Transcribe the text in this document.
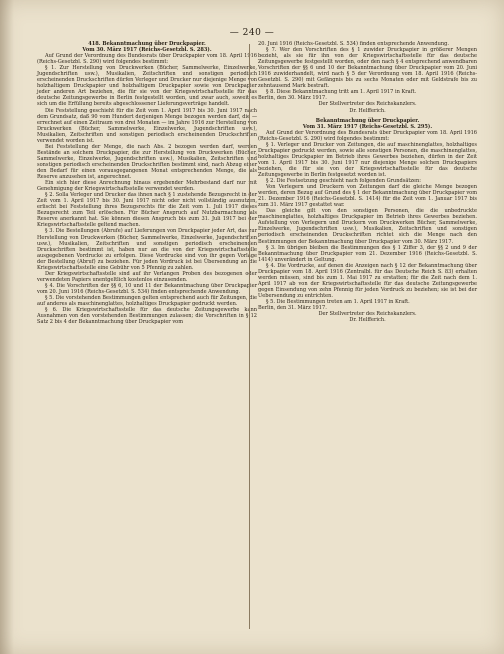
— 240 —

418. Bekanntmachung über Druckpapier.

Vom 30. März 1917 (Reichs-Gesetzbl. S. 283).

Auf Grund der Verordnung des Bundesrats über Druckpapier vom 18. April 1916 (Reichs-Gesetzbl. S. 290) wird folgendes bestimmt:

§ 1. Zur Herstellung von Druckwerken (Bücher, Sammelwerke, Einzelwerke, Jugendschriften usw.), Musikalien, Zeitschriften und sonstigen periodisch erscheinenden Druckschriften dürfen Verleger und Drucker nur diejenige Menge von holzhaltigem Druckpapier und holzhaltigem Druckpapier sowie von Druckpapier jeder anderen Art beziehen, die für sie von der Kriegswirtschaftsstelle für das deutsche Zeitungsgewerbe in Berlin festgestellt worden, und zwar auch, soweit es sich um die Erfüllung bereits abgeschlossener Lieferungsverträge handelt.

Die Feststellung geschieht für die Zeit vom 1. April 1917 bis 30. Juni 1917 nach dem Grundsatz, daß 90 vom Hundert derjenigen Menge bezogen werden darf, die — errechnet auf einen Zeitraum von drei Monaten — im Jahre 1916 zur Herstellung von Druckwerken (Bücher, Sammelwerke, Einzelwerke, Jugendschriften usw.), Musikalien, Zeitschriften und sonstigen periodisch erscheinenden Druckschriften verwendet worden ist.

Bei Feststellung der Menge, die nach Abs. 2 bezogen werden darf, werden Bestände an solchem Druckpapier, die zur Herstellung von Druckwerken (Bücher, Sammelwerke, Einzelwerke, Jugendschriften usw.), Musikalien, Zeitschriften und sonstigen periodisch erscheinenden Druckschriften bestimmt sind, nach Abzug einer den Bedarf für einen vorausgegangenen Monat entsprechenden Menge, die als Reserve anzusehen ist, angerechnet.

Ein sich hier diese Anrechnung hinaus ergebender Mehrbestand darf nur mit Genehmigung der Kriegswirtschaftsstelle verwendet werden.

§ 2. Solla Verleger und Drucker das ihnen nach § 1 zustehende Bezugsrecht in der Zeit vom 1. April 1917 bis 30. Juni 1917 nicht oder nicht vollständig ausnutzen, erlischt bei Feststellung ihres Bezugsrechts für die Zeit vom 1. Juli 1917 dieses Bezugsrecht zum Teil erlöschen. Für Bücher Anspruch auf Nutzbarmachung als Reserve anerkannt hat. Sie können diesen Anspruch bis zum 31. Juli 1917 bei der Kriegswirtschaftsstelle geltend machen.

§ 3. Die Bestellungen (Abrufe) auf Lieferungen von Druckpapier jeder Art, das zur Herstellung von Druckwerken (Bücher, Sammelwerke, Einzelwerke, Jugendschriften usw.), Musikalien, Zeitschriften und sonstigen periodisch erscheinenden Druckschriften bestimmt ist, haben nur an die von der Kriegswirtschaftsstelle ausgegebenen Vordrucke zu erfolgen. Diese Vordrucke sind von ihr gegen Vorlage der Bestellung (Abruf) zu beziehen. Für jeden Vordruck ist bei Übersendung an die Kriegswirtschaftsstelle eine Gebühr von 5 Pfennig zu zahlen.

Der Kriegswirtschaftsstelle sind auf ihr Verlangen Proben des bezogenen oder verwendeten Papiers unentgeltlich kostenlos einzusenden.

§ 4. Die Vorschriften der §§ 6, 10 und 11 der Bekanntmachung über Druckpapier vom 20. Juni 1916 (Reichs-Gesetzbl. S. 534) finden entsprechende Anwendung.

§ 5. Die vorstehenden Bestimmungen gelten entsprechend auch für Zeitungen, die auf anderes als maschinenglattes, holzhaltiges Druckpapier gedruckt werden.

§ 6. Die Kriegswirtschaftsstelle für das deutsche Zeitungsgewerbe kann Ausnahmen von den vorstehenden Bestimmungen zulassen; die Vorschriften in § 12 Satz 2 bis 4 der Bekanntmachung über Druckpapier vom

20. Juni 1916 (Reichs-Gesetzbl. S. 534) finden entsprechende Anwendung.

§ 7. Wer den Vorschriften des § 1 zuwider Druckpapier in größerer Mengen bezieht, als sie für ihn von der Kriegswirtschaftsstelle für das deutsche Zeitungsgewerbe festgestellt worden, oder den nach § 4 entsprechend anwendbaren Vorschriften der §§ 6 und 10 der Bekanntmachung über Druckpapier vom 20. Juni 1916 zuwiderhandelt, wird nach § 5 der Verordnung vom 18. April 1916 (Reichs-Gesetzbl. S. 290) mit Gefängnis bis zu sechs Monaten oder mit Geldstrafe bis zu zehntausend Mark bestraft.

§ 8. Diese Bekanntmachung tritt am 1. April 1917 in Kraft.

Berlin, den 30. März 1917.

Der Stellvertreter des Reichskanzlers.

Dr. Helfferich.

Bekanntmachung über Druckpapier.

Vom 31. März 1917 (Reichs-Gesetzbl. S. 295).

Auf Grund der Verordnung des Bundesrats über Druckpapier vom 18. April 1916 (Reichs-Gesetzbl. S. 290) wird folgendes bestimmt:

§ 1. Verleger und Drucker von Zeitungen, die auf maschinenglattes, holzhaltiges Druckpapier gedruckt werden, sowie alle sonstigen Personen, die maschinenglattes, holzhaltiges Druckpapier im Betrieb ihres Gewerbes beziehen, dürfen in der Zeit vom 1. April 1917 bis 30. Juni 1917 nur diejenige Menge solchen Druckpapiers beziehen, die für sie von der Kriegswirtschaftsstelle für das deutsche Zeitungsgewerbe in Berlin festgesetzt worden ist.

§ 2. Die Festsetzung geschieht nach folgenden Grundsätzen:

Von Verlegern und Druckern von Zeitungen darf die gleiche Menge bezogen werden, deren Bezug auf Grund des § 1 der Bekanntmachung über Druckpapier vom 21. Dezember 1916 (Reichs-Gesetzbl. S. 1414) für die Zeit vom 1. Januar 1917 bis zum 31. März 1917 gestattet war.

Das gleiche gilt von den sonstigen Personen, die die unbedruckte maschinenglattes, holzhaltiges Druckpapier im Betrieb ihres Gewerbes beziehen. Aufstellung von Verlegern und Druckern von Druckwerken Bücher, Sammelwerke, Einzelwerke, Jugendschriften usw.), Musikalien, Zeitschriften und sonstigen periodisch erscheinenden Druckschriften richtet sich die Menge nach den Bestimmungen der Bekanntmachung über Druckpapier vom 30. März 1917.

§ 3. Im übrigen bleiben die Bestimmungen des § 1 Ziffer 3, der §§ 2 und 9 der Bekanntmachung über Druckpapier vom 21. Dezember 1916 (Reichs-Gesetzbl. S. 1414) unverändert in Geltung.

§ 4. Die Vordrucke, auf denen die Anzeigen nach § 12 der Bekanntmachung über Druckpapier vom 18. April 1916 (Zentralbl. für das Deutsche Reich S. 83) erhalten werden müssen, sind bis zum 1. Mai 1917 zu erstatten; für die Zeit nach dem 1. April 1917 ab von der Kriegswirtschaftsstelle für das deutsche Zeitungsgewerbe gegen Einsendung von zehn Pfennig für jeden Vordruck zu beziehen; sie ist bei der Uebersendung zu entrichten.

§ 5. Die Bestimmungen treten am 1. April 1917 in Kraft.

Berlin, den 31. März 1917.

Der Stellvertreter des Reichskanzlers.

Dr. Helfferich.
